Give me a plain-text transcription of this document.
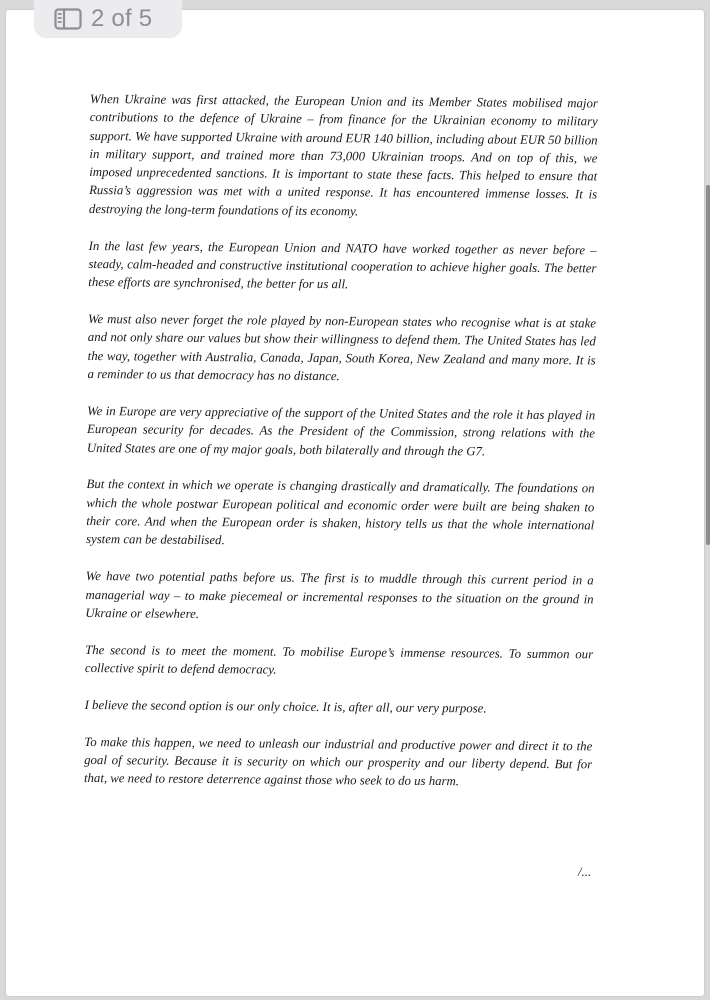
When Ukraine was first attacked, the European Union and its Member States mobilised major contributions to the defence of Ukraine – from finance for the Ukrainian economy to military support. We have supported Ukraine with around EUR 140 billion, including about EUR 50 billion in military support, and trained more than 73,000 Ukrainian troops. And on top of this, we imposed unprecedented sanctions. It is important to state these facts. This helped to ensure that Russia’s aggression was met with a united response. It has encountered immense losses. It is destroying the long-term foundations of its economy.

In the last few years, the European Union and NATO have worked together as never before – steady, calm-headed and constructive institutional cooperation to achieve higher goals. The better these efforts are synchronised, the better for us all.

We must also never forget the role played by non-European states who recognise what is at stake and not only share our values but show their willingness to defend them. The United States has led the way, together with Australia, Canada, Japan, South Korea, New Zealand and many more. It is a reminder to us that democracy has no distance.

We in Europe are very appreciative of the support of the United States and the role it has played in European security for decades. As the President of the Commission, strong relations with the United States are one of my major goals, both bilaterally and through the G7.

But the context in which we operate is changing drastically and dramatically. The foundations on which the whole postwar European political and economic order were built are being shaken to their core. And when the European order is shaken, history tells us that the whole international system can be destabilised.

We have two potential paths before us. The first is to muddle through this current period in a managerial way – to make piecemeal or incremental responses to the situation on the ground in Ukraine or elsewhere.

The second is to meet the moment. To mobilise Europe’s immense resources. To summon our collective spirit to defend democracy.

I believe the second option is our only choice. It is, after all, our very purpose.

To make this happen, we need to unleash our industrial and productive power and direct it to the goal of security. Because it is security on which our prosperity and our liberty depend. But for that, we need to restore deterrence against those who seek to do us harm.

/...
2 of 5
